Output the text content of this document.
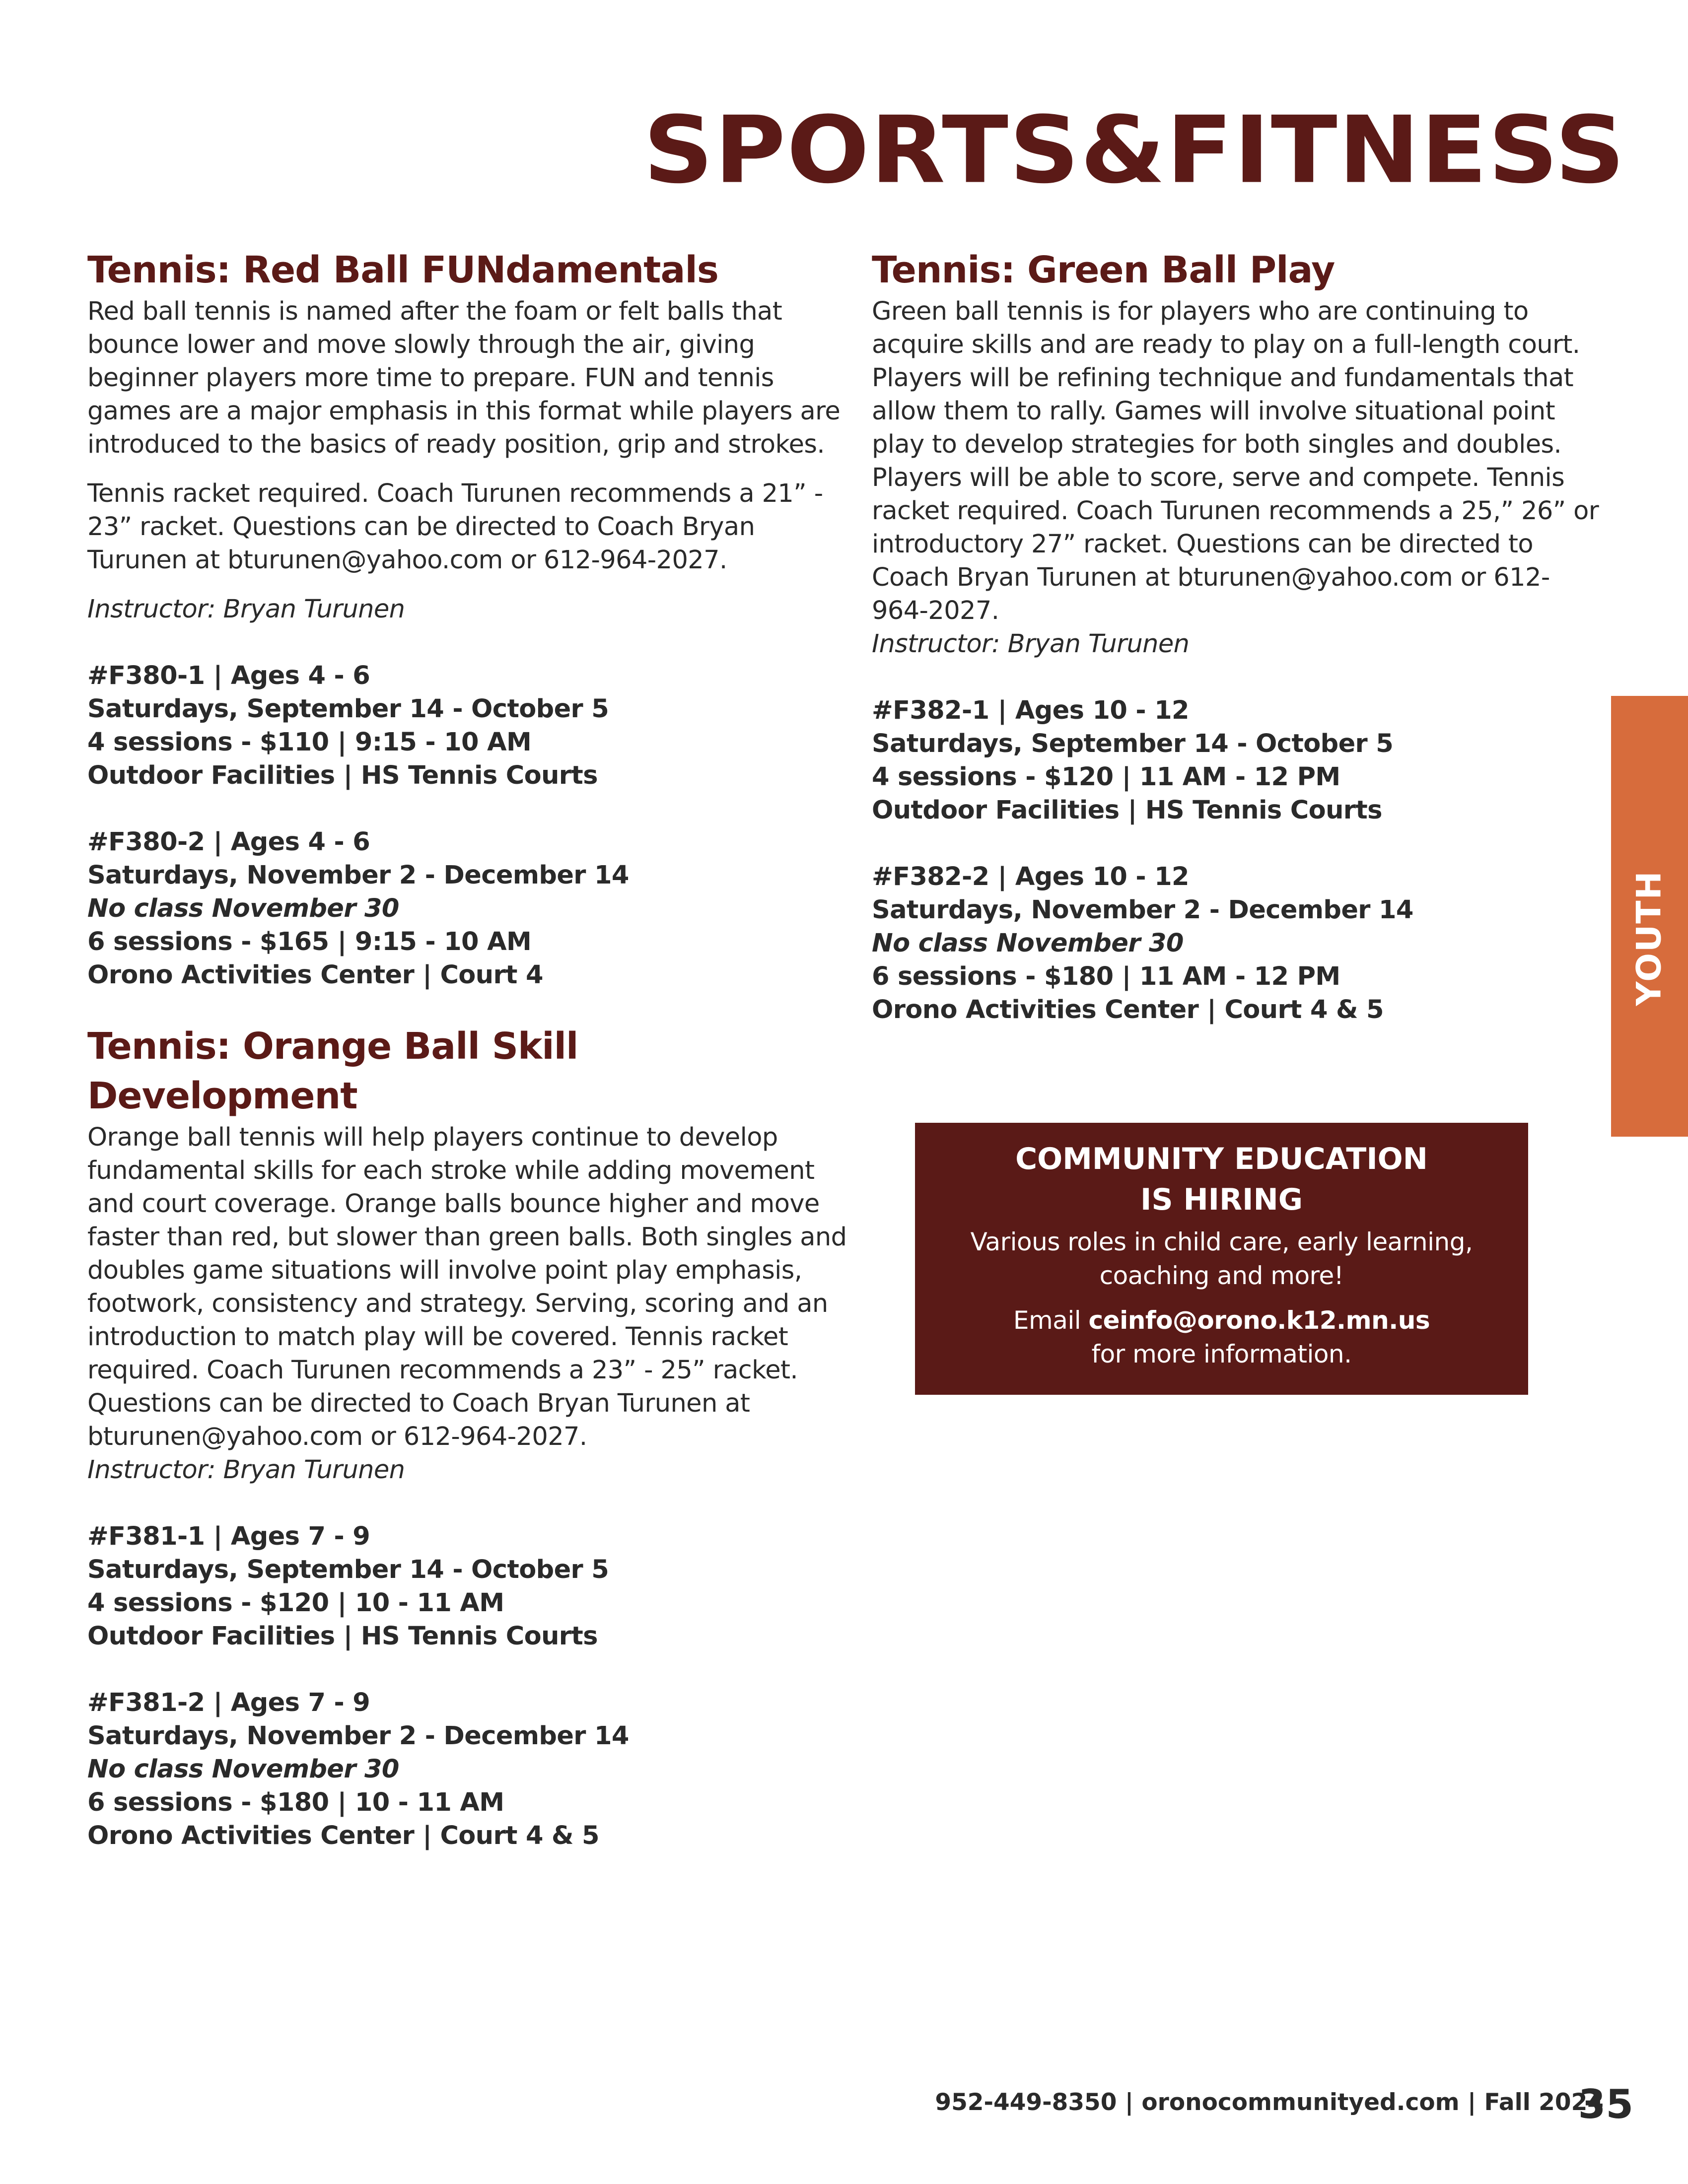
SPORTS&FITNESS
Tennis: Red Ball FUNdamentals

Red ball tennis is named after the foam or felt balls that bounce lower and move slowly through the air, giving beginner players more time to prepare. FUN and tennis games are a major emphasis in this format while players are introduced to the basics of ready position, grip and strokes.

Tennis racket required. Coach Turunen recommends a 21” - 23” racket. Questions can be directed to Coach Bryan Turunen at bturunen@yahoo.com or 612-964-2027.

Instructor: Bryan Turunen

#F380-1 | Ages 4 - 6
Saturdays, September 14 - October 5
4 sessions - $110 | 9:15 - 10 AM
Outdoor Facilities | HS Tennis Courts
#F380-2 | Ages 4 - 6
Saturdays, November 2 - December 14
No class November 30
6 sessions - $165 | 9:15 - 10 AM
Orono Activities Center | Court 4
Tennis: Orange Ball Skill Development

Orange ball tennis will help players continue to develop fundamental skills for each stroke while adding movement and court coverage. Orange balls bounce higher and move faster than red, but slower than green balls. Both singles and doubles game situations will involve point play emphasis, footwork, consistency and strategy. Serving, scoring and an introduction to match play will be covered. Tennis racket required. Coach Turunen recommends a 23” - 25” racket. Questions can be directed to Coach Bryan Turunen at bturunen@yahoo.com or 612-964-2027.

Instructor: Bryan Turunen

#F381-1 | Ages 7 - 9
Saturdays, September 14 - October 5
4 sessions - $120 | 10 - 11 AM
Outdoor Facilities | HS Tennis Courts
#F381-2 | Ages 7 - 9
Saturdays, November 2 - December 14
No class November 30
6 sessions - $180 | 10 - 11 AM
Orono Activities Center | Court 4 & 5
Tennis: Green Ball Play

Green ball tennis is for players who are continuing to acquire skills and are ready to play on a full-length court. Players will be refining technique and fundamentals that allow them to rally. Games will involve situational point play to develop strategies for both singles and doubles. Players will be able to score, serve and compete. Tennis racket required. Coach Turunen recommends a 25,” 26” or introductory 27” racket. Questions can be directed to Coach Bryan Turunen at bturunen@yahoo.com or 612-964-2027.

Instructor: Bryan Turunen

#F382-1 | Ages 10 - 12
Saturdays, September 14 - October 5
4 sessions - $120 | 11 AM - 12 PM
Outdoor Facilities | HS Tennis Courts
#F382-2 | Ages 10 - 12
Saturdays, November 2 - December 14
No class November 30
6 sessions - $180 | 11 AM - 12 PM
Orono Activities Center | Court 4 & 5
YOUTH

COMMUNITY EDUCATION

IS HIRING

Various roles in child care, early learning,
coaching and more!

Email ceinfo@orono.k12.mn.us
for more information.

952-449-8350 | oronocommunityed.com | Fall 2024
35
